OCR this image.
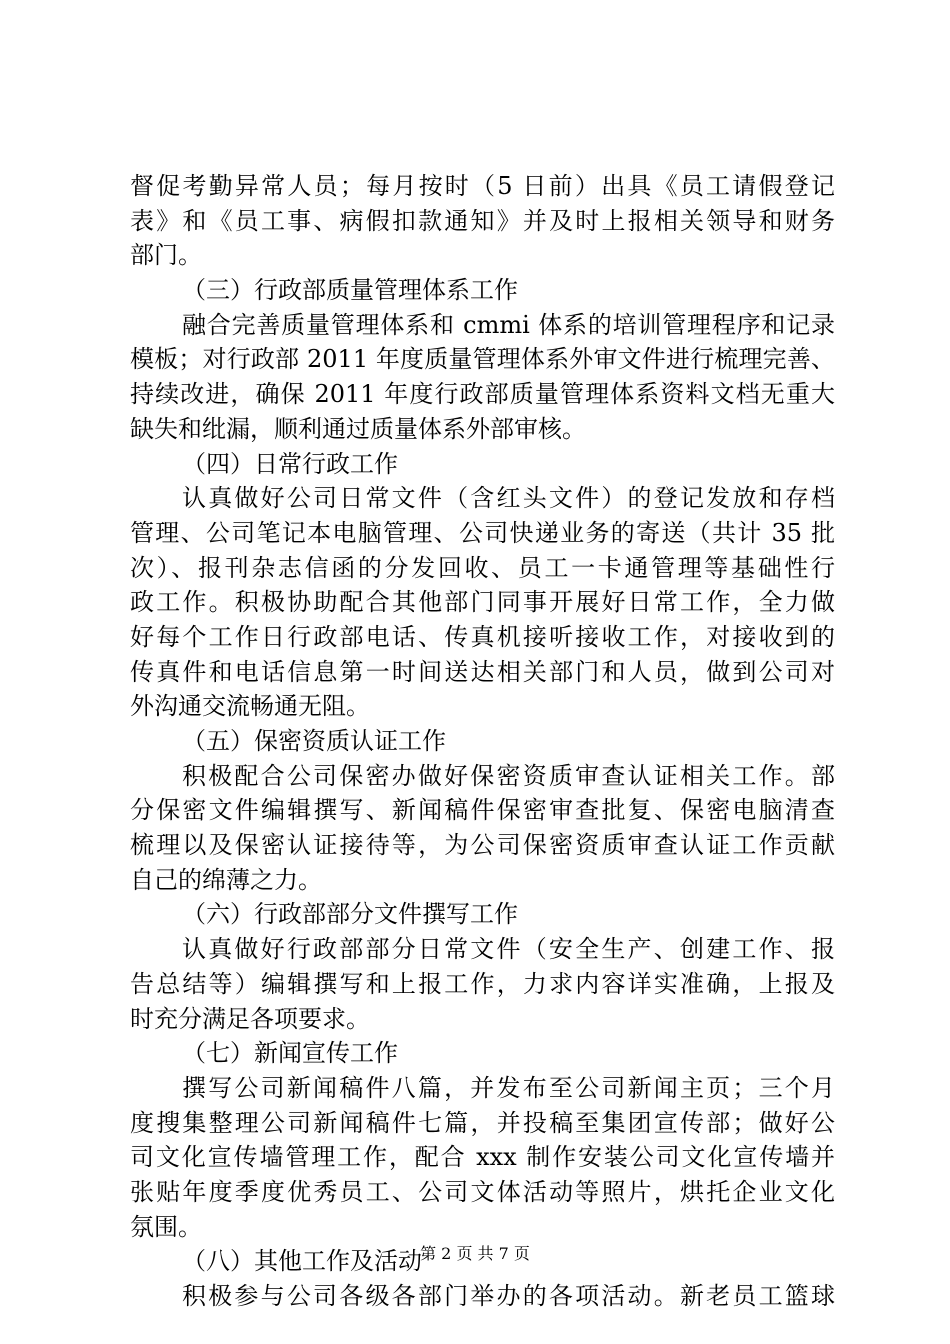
督促考勤异常人员；每月按时（5 日前）出具《员工请假登记
表》和《员工事、病假扣款通知》并及时上报相关领导和财务
部门。
（三）行政部质量管理体系工作
融合完善质量管理体系和 cmmi 体系的培训管理程序和记录
模板；对行政部 2011 年度质量管理体系外审文件进行梳理完善、
持续改进，确保 2011 年度行政部质量管理体系资料文档无重大
缺失和纰漏，顺利通过质量体系外部审核。
（四）日常行政工作
认真做好公司日常文件（含红头文件）的登记发放和存档
管理、公司笔记本电脑管理、公司快递业务的寄送（共计 35 批
次）、报刊杂志信函的分发回收、员工一卡通管理等基础性行
政工作。积极协助配合其他部门同事开展好日常工作，全力做
好每个工作日行政部电话、传真机接听接收工作，对接收到的
传真件和电话信息第一时间送达相关部门和人员，做到公司对
外沟通交流畅通无阻。
（五）保密资质认证工作
积极配合公司保密办做好保密资质审查认证相关工作。部
分保密文件编辑撰写、新闻稿件保密审查批复、保密电脑清查
梳理以及保密认证接待等，为公司保密资质审查认证工作贡献
自己的绵薄之力。
（六）行政部部分文件撰写工作
认真做好行政部部分日常文件（安全生产、创建工作、报
告总结等）编辑撰写和上报工作，力求内容详实准确，上报及
时充分满足各项要求。
（七）新闻宣传工作
撰写公司新闻稿件八篇，并发布至公司新闻主页；三个月
度搜集整理公司新闻稿件七篇，并投稿至集团宣传部；做好公
司文化宣传墙管理工作，配合 xxx 制作安装公司文化宣传墙并
张贴年度季度优秀员工、公司文体活动等照片，烘托企业文化
氛围。
（八）其他工作及活动
积极参与公司各级各部门举办的各项活动。新老员工篮球
第 2 页 共 7 页
